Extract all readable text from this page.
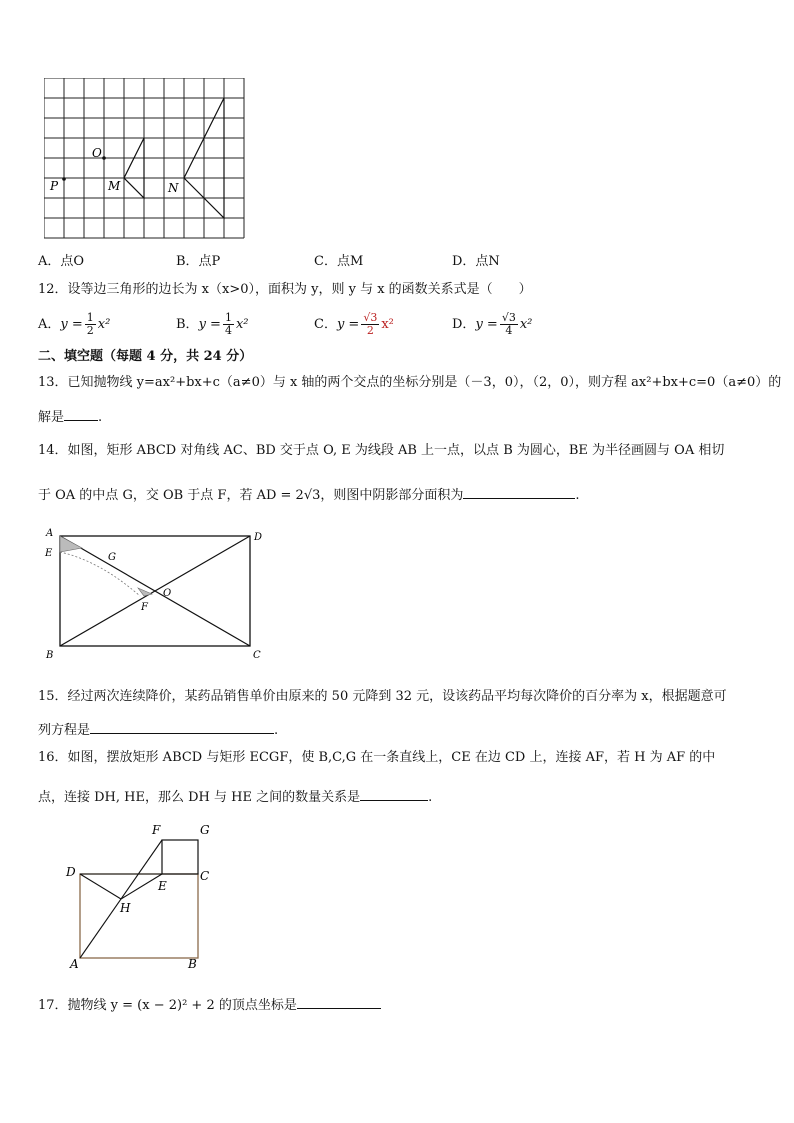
O
P	M	N
A．点O	B．点P	C．点M	D．点N
12．设等边三角形的边长为 x（x>0），面积为 y，则 y 与 x 的函数关系式是（　　）
A．$y = \frac{1}{2} x^2$	B．$y = \frac{1}{4} x^2$	C．$y = \frac{√3}{2} x^2$	D．$y = \frac{√3}{4} x^2$
二、填空题（每题 4 分，共 24 分）
13．已知抛物线 y=ax²+bx+c（a≠0）与 x 轴的两个交点的坐标分别是（－3，0），（2，0），则方程 ax²+bx+c=0（a≠0）的
解是	.
14．如图，矩形 ABCD 对角线 AC、BD 交于点 O, E 为线段 AB 上一点，以点 B 为圆心，BE 为半径画圆与 OA 相切
于 OA 的中点 G，交 OB 于点 F，若 AD = 2√3，则图中阴影部分面积为	.
A	D
E	G
O
F
B	C
15．经过两次连续降价，某药品销售单价由原来的 50 元降到 32 元，设该药品平均每次降价的百分率为 x，根据题意可
列方程是	.
16．如图，摆放矩形 ABCD 与矩形 ECGF，使 B,C,G 在一条直线上，CE 在边 CD 上，连接 AF，若 H 为 AF 的中
点，连接 DH, HE，那么 DH 与 HE 之间的数量关系是	.
F	G
D	C
E
H
A	B
17．抛物线 y = (x − 2)² + 2 的顶点坐标是
